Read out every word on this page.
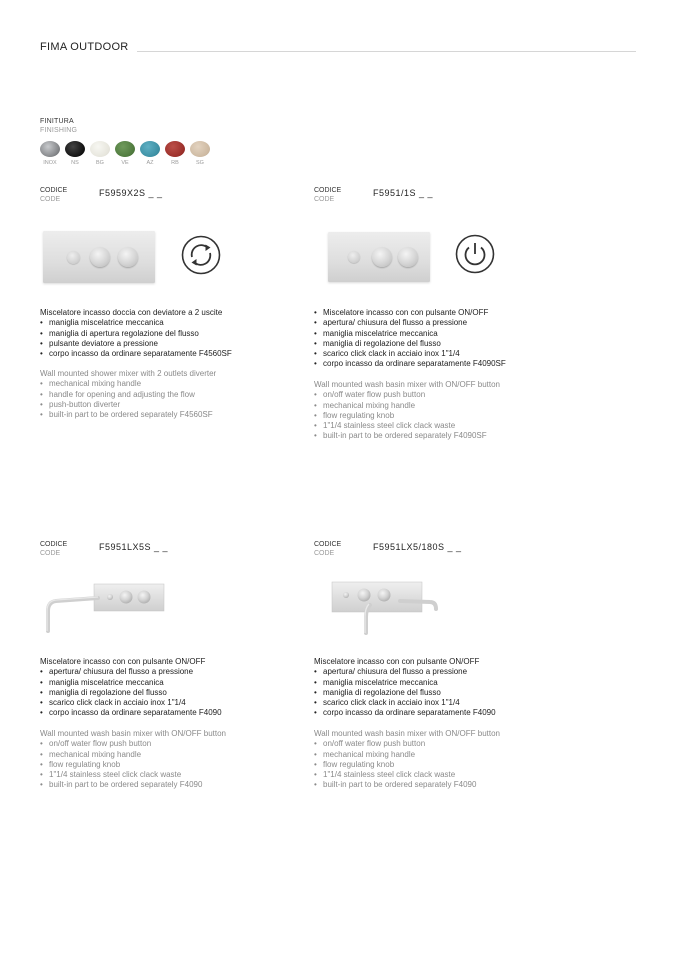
FIMA OUTDOOR
FINITURA
FINISHING
INOX	NS	BG	VE	AZ	RB	SG
CODICE
CODE
F5959X2S _ _
Miscelatore incasso doccia con deviatore a 2 uscite
• maniglia miscelatrice meccanica
• maniglia di apertura regolazione del flusso
• pulsante deviatore a pressione
• corpo incasso da ordinare separatamente F4560SF
Wall mounted shower mixer with 2 outlets diverter
• mechanical mixing handle
• handle for opening and adjusting the flow
• push-button diverter
• built-in part to be ordered separately F4560SF
CODICE
CODE
F5951/1S _ _
• Miscelatore incasso con con pulsante ON/OFF
• apertura/ chiusura del flusso a pressione
• maniglia miscelatrice meccanica
• maniglia di regolazione del flusso
• scarico click clack in acciaio inox 1"1/4
• corpo incasso da ordinare separatamente F4090SF
Wall mounted wash basin mixer with ON/OFF button
• on/off water flow push button
• mechanical mixing handle
• flow regulating knob
• 1"1/4 stainless steel click clack waste
• built-in part to be ordered separately F4090SF
CODICE
CODE
F5951LX5S _ _
Miscelatore incasso con con pulsante ON/OFF
• apertura/ chiusura del flusso a pressione
• maniglia miscelatrice meccanica
• maniglia di regolazione del flusso
• scarico click clack in acciaio inox 1"1/4
• corpo incasso da ordinare separatamente F4090
Wall mounted wash basin mixer with ON/OFF button
• on/off water flow push button
• mechanical mixing handle
• flow regulating knob
• 1"1/4 stainless steel click clack waste
• built-in part to be ordered separately F4090
CODICE
CODE
F5951LX5/180S _ _
Miscelatore incasso con con pulsante ON/OFF
• apertura/ chiusura del flusso a pressione
• maniglia miscelatrice meccanica
• maniglia di regolazione del flusso
• scarico click clack in acciaio inox 1"1/4
• corpo incasso da ordinare separatamente F4090
Wall mounted wash basin mixer with ON/OFF button
• on/off water flow push button
• mechanical mixing handle
• flow regulating knob
• 1"1/4 stainless steel click clack waste
• built-in part to be ordered separately F4090
